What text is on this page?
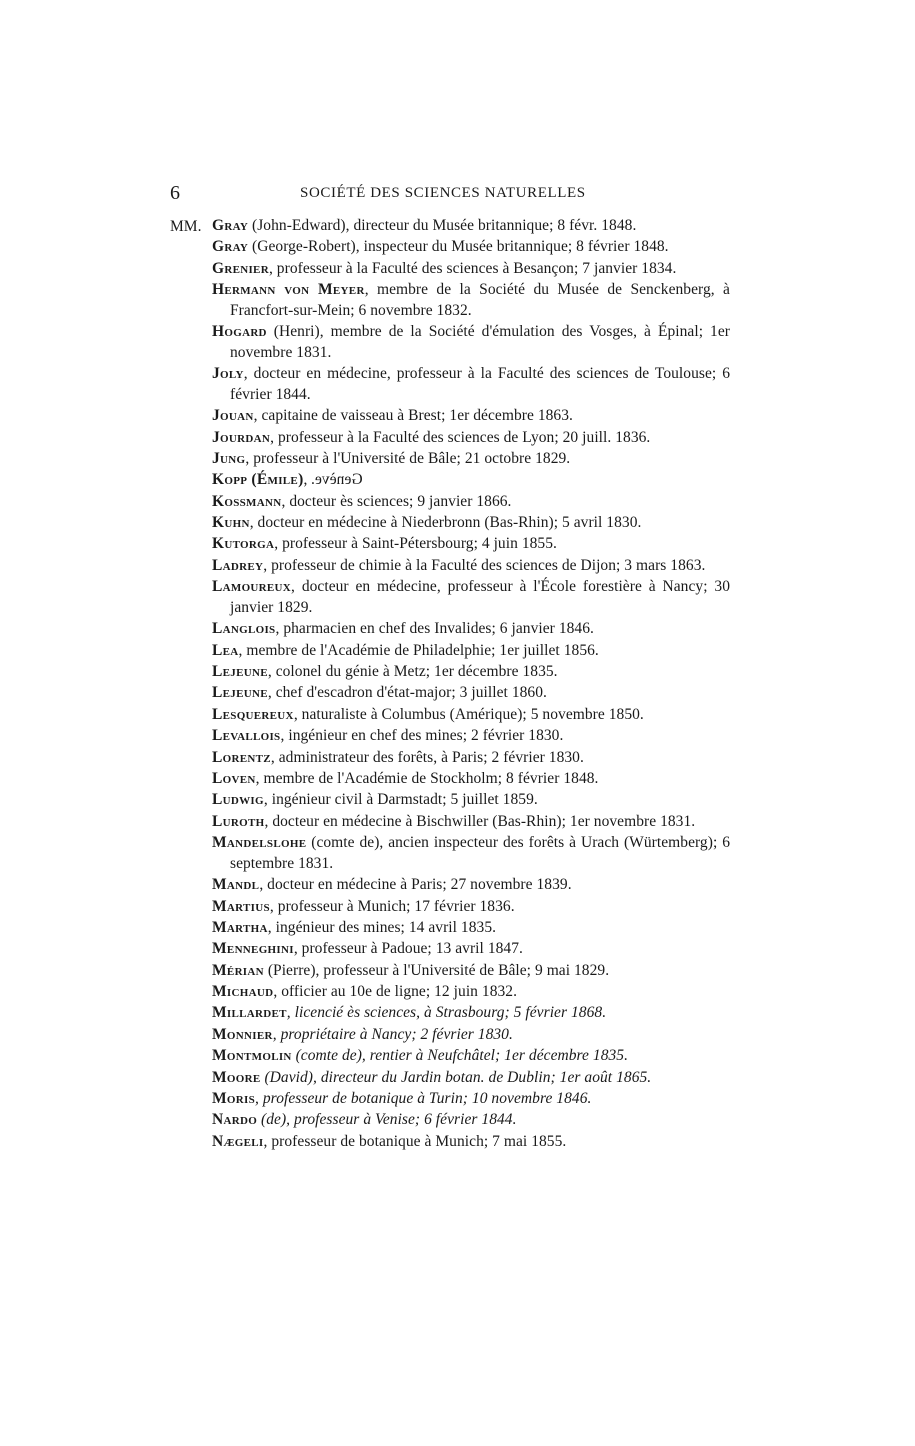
6	SOCIÉTÉ DES SCIENCES NATURELLES
MM. Gray (John-Edward), directeur du Musée britannique; 8 févr. 1848.
Gray (George-Robert), inspecteur du Musée britannique; 8 février 1848.
Grenier, professeur à la Faculté des sciences à Besançon; 7 janvier 1834.
Hermann von Meyer, membre de la Société du Musée de Senckenberg, à Francfort-sur-Mein; 6 novembre 1832.
Hogard (Henri), membre de la Société d'émulation des Vosges, à Épinal; 1er novembre 1831.
Joly, docteur en médecine, professeur à la Faculté des sciences de Toulouse; 6 février 1844.
Jouan, capitaine de vaisseau à Brest; 1er décembre 1863.
Jourdan, professeur à la Faculté des sciences de Lyon; 20 juill. 1836.
Jung, professeur à l'Université de Bâle; 21 octobre 1829.
Kopp (Émile), Genève.
Kossmann, docteur ès sciences; 9 janvier 1866.
Kuhn, docteur en médecine à Niederbronn (Bas-Rhin); 5 avril 1830.
Kutorga, professeur à Saint-Pétersbourg; 4 juin 1855.
Ladrey, professeur de chimie à la Faculté des sciences de Dijon; 3 mars 1863.
Lamoureux, docteur en médecine, professeur à l'École forestière à Nancy; 30 janvier 1829.
Langlois, pharmacien en chef des Invalides; 6 janvier 1846.
Lea, membre de l'Académie de Philadelphie; 1er juillet 1856.
Lejeune, colonel du génie à Metz; 1er décembre 1835.
Lejeune, chef d'escadron d'état-major; 3 juillet 1860.
Lesquereux, naturaliste à Columbus (Amérique); 5 novembre 1850.
Levallois, ingénieur en chef des mines; 2 février 1830.
Lorentz, administrateur des forêts, à Paris; 2 février 1830.
Loven, membre de l'Académie de Stockholm; 8 février 1848.
Ludwig, ingénieur civil à Darmstadt; 5 juillet 1859.
Luroth, docteur en médecine à Bischwiller (Bas-Rhin); 1er novembre 1831.
Mandelslohe (comte de), ancien inspecteur des forêts à Urach (Würtemberg); 6 septembre 1831.
Mandl, docteur en médecine à Paris; 27 novembre 1839.
Martius, professeur à Munich; 17 février 1836.
Martha, ingénieur des mines; 14 avril 1835.
Menneghini, professeur à Padoue; 13 avril 1847.
Mérian (Pierre), professeur à l'Université de Bâle; 9 mai 1829.
Michaud, officier au 10e de ligne; 12 juin 1832.
Millardet, licencié ès sciences, à Strasbourg; 5 février 1868.
Monnier, propriétaire à Nancy; 2 février 1830.
Montmolin (comte de), rentier à Neufchâtel; 1er décembre 1835.
Moore (David), directeur du Jardin botan. de Dublin; 1er août 1865.
Moris, professeur de botanique à Turin; 10 novembre 1846.
Nardo (de), professeur à Venise; 6 février 1844.
Nægeli, professeur de botanique à Munich; 7 mai 1855.
